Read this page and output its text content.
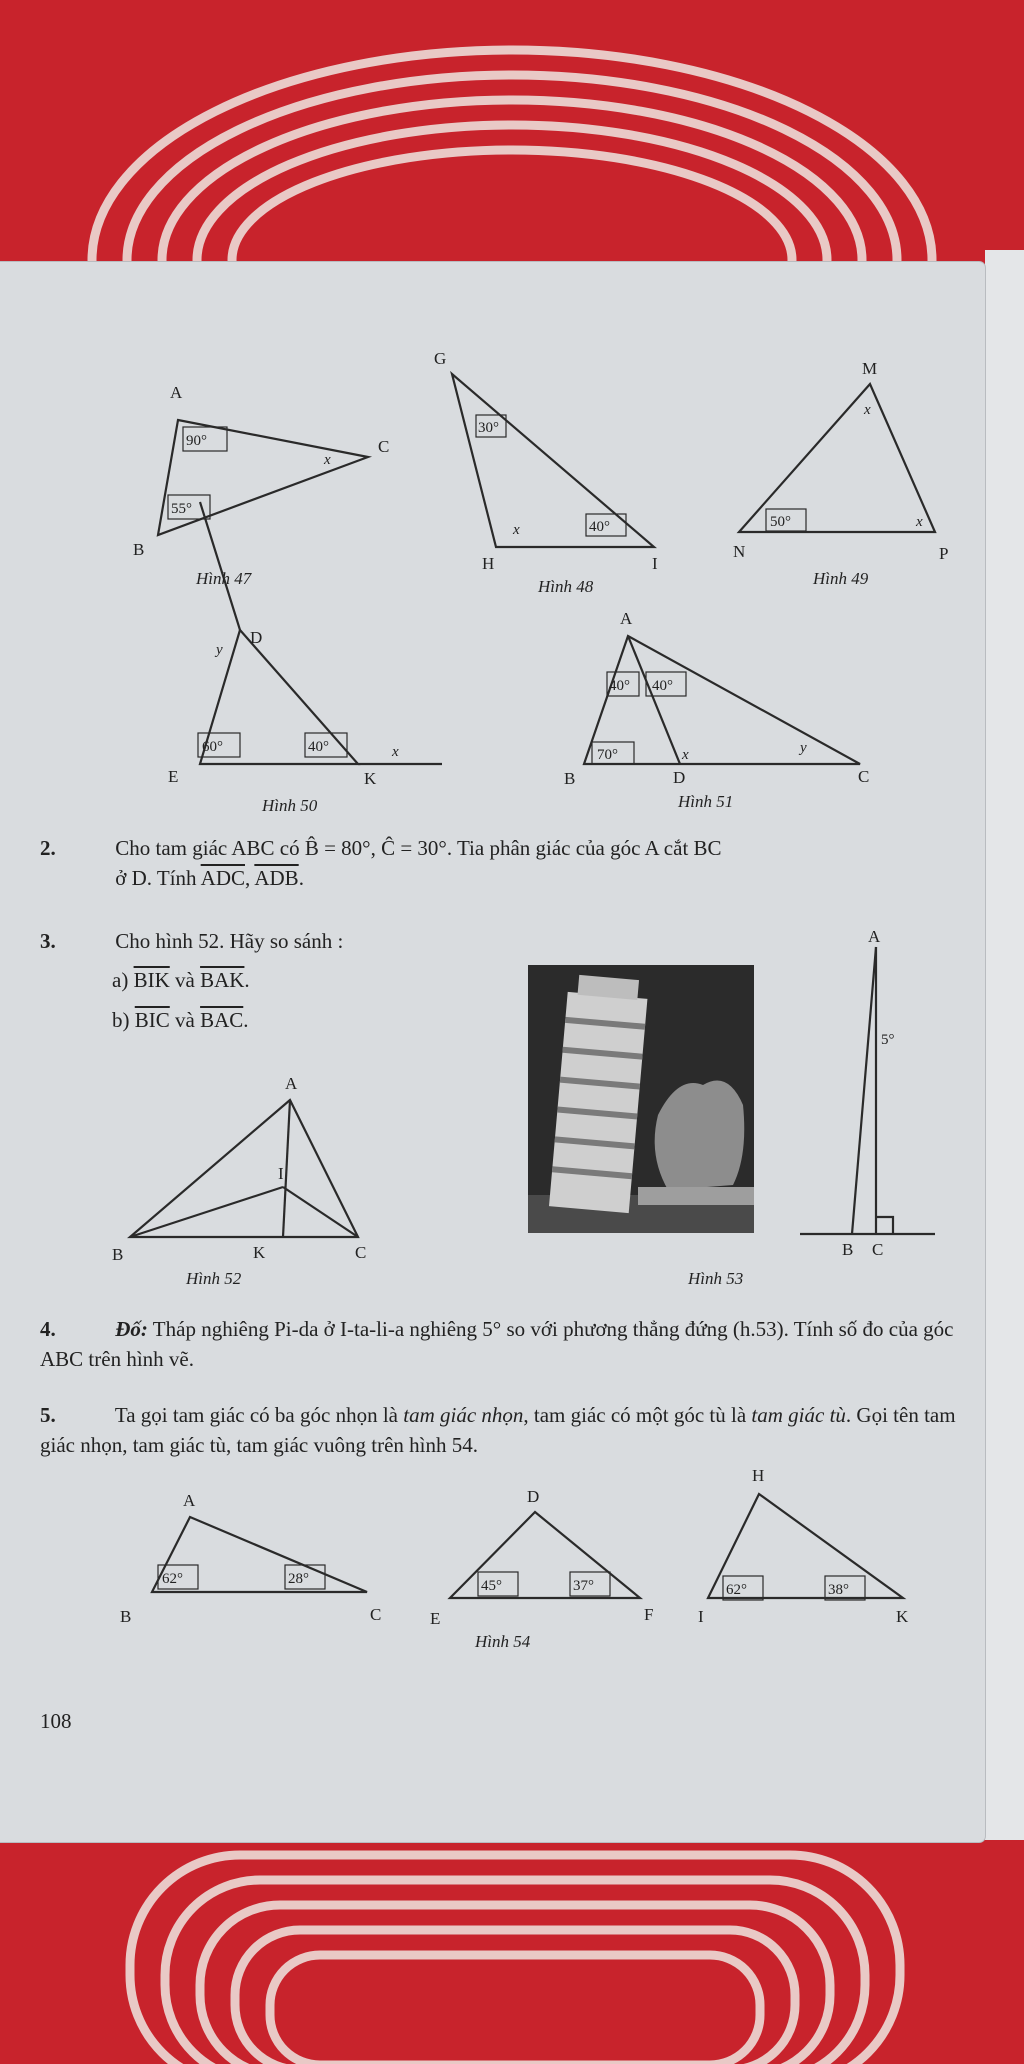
A
B
C
90°
55°
x
Hình 47
G
H	I
30°
40°
x
Hình 48
M
N	P
50°
x
x
Hình 49
D
E	K
60°	40°	x
y
Hình 50
A
B	C
D
40° 40°
70°	x	y
Hình 51
A
B	C
K
I
Hình 52
A
B C
5°
Hình 53
A
B	C
62°	28°
D
E	F
45°	37°
H
I	K
62°	38°
Hình 54
2.	Cho tam giác ABC có B̂ = 80°, Ĉ = 30°. Tia phân giác của góc A cắt BC
ở D. Tính $\overline{ADC}$, $\overline{ADB}$.
3.	Cho hình 52. Hãy so sánh :
a) $\overline{BIK}$ và $\overline{BAK}$.
b) $\overline{BIC}$ và $\overline{BAC}$.
4.	Đố: Tháp nghiêng Pi-da ở I-ta-li-a nghiêng 5° so với phương thẳng đứng (h.53). Tính số đo của góc ABC trên hình vẽ.
5.	Ta gọi tam giác có ba góc nhọn là tam giác nhọn, tam giác có một góc tù là tam giác tù. Gọi tên tam giác nhọn, tam giác tù, tam giác vuông trên hình 54.
108
